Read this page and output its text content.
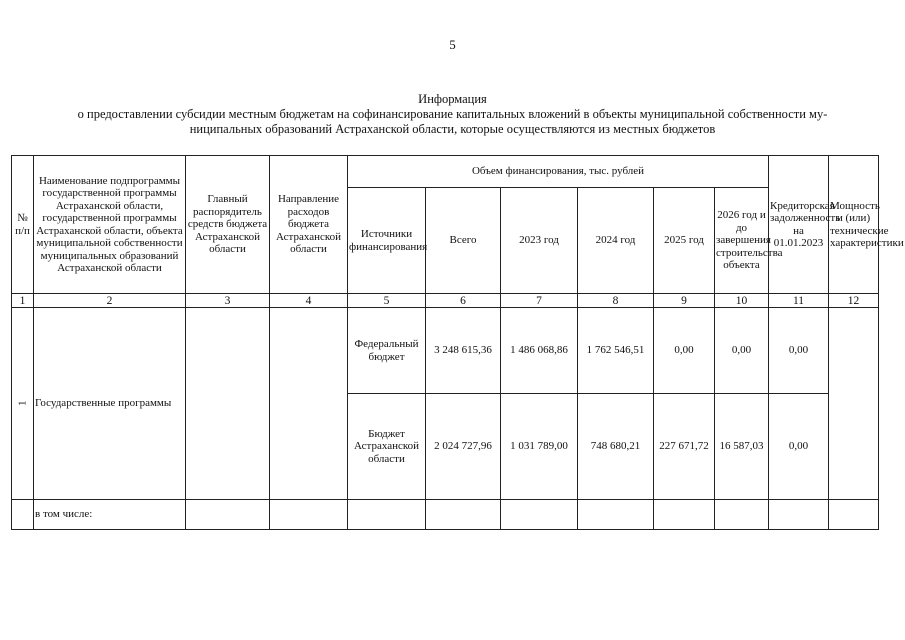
5
Информация
о предоставлении субсидии местным бюджетам на софинансирование капитальных вложений в объекты муниципальной собственности му-
ниципальных образований Астраханской области, которые осуществляются из местных бюджетов
№ п/п	Наименование подпрограммы государственной программы Астраханской области, государственной программы Астраханской области, объекта муниципальной собственности муниципальных образований Астраханской области	Главный распорядитель средств бюджета Астраханской области	Направление расходов бюджета Астраханской области	Объем финансирования, тыс. рублей						Кредиторская задолженность на 01.01.2023	Мощность и (или) технические характеристики
				Источники финансирования	Всего	2023 год	2024 год	2025 год	2026 год и до завершения строительства объекта		
1	2	3	4	5	6	7	8	9	10	11	12
1	Государственные программы			Федеральный бюджет	3 248 615,36	1 486 068,86	1 762 546,51	0,00	0,00	0,00	
				Бюджет Астраханской области	2 024 727,96	1 031 789,00	748 680,21	227 671,72	16 587,03	0,00	
	в том числе:										
